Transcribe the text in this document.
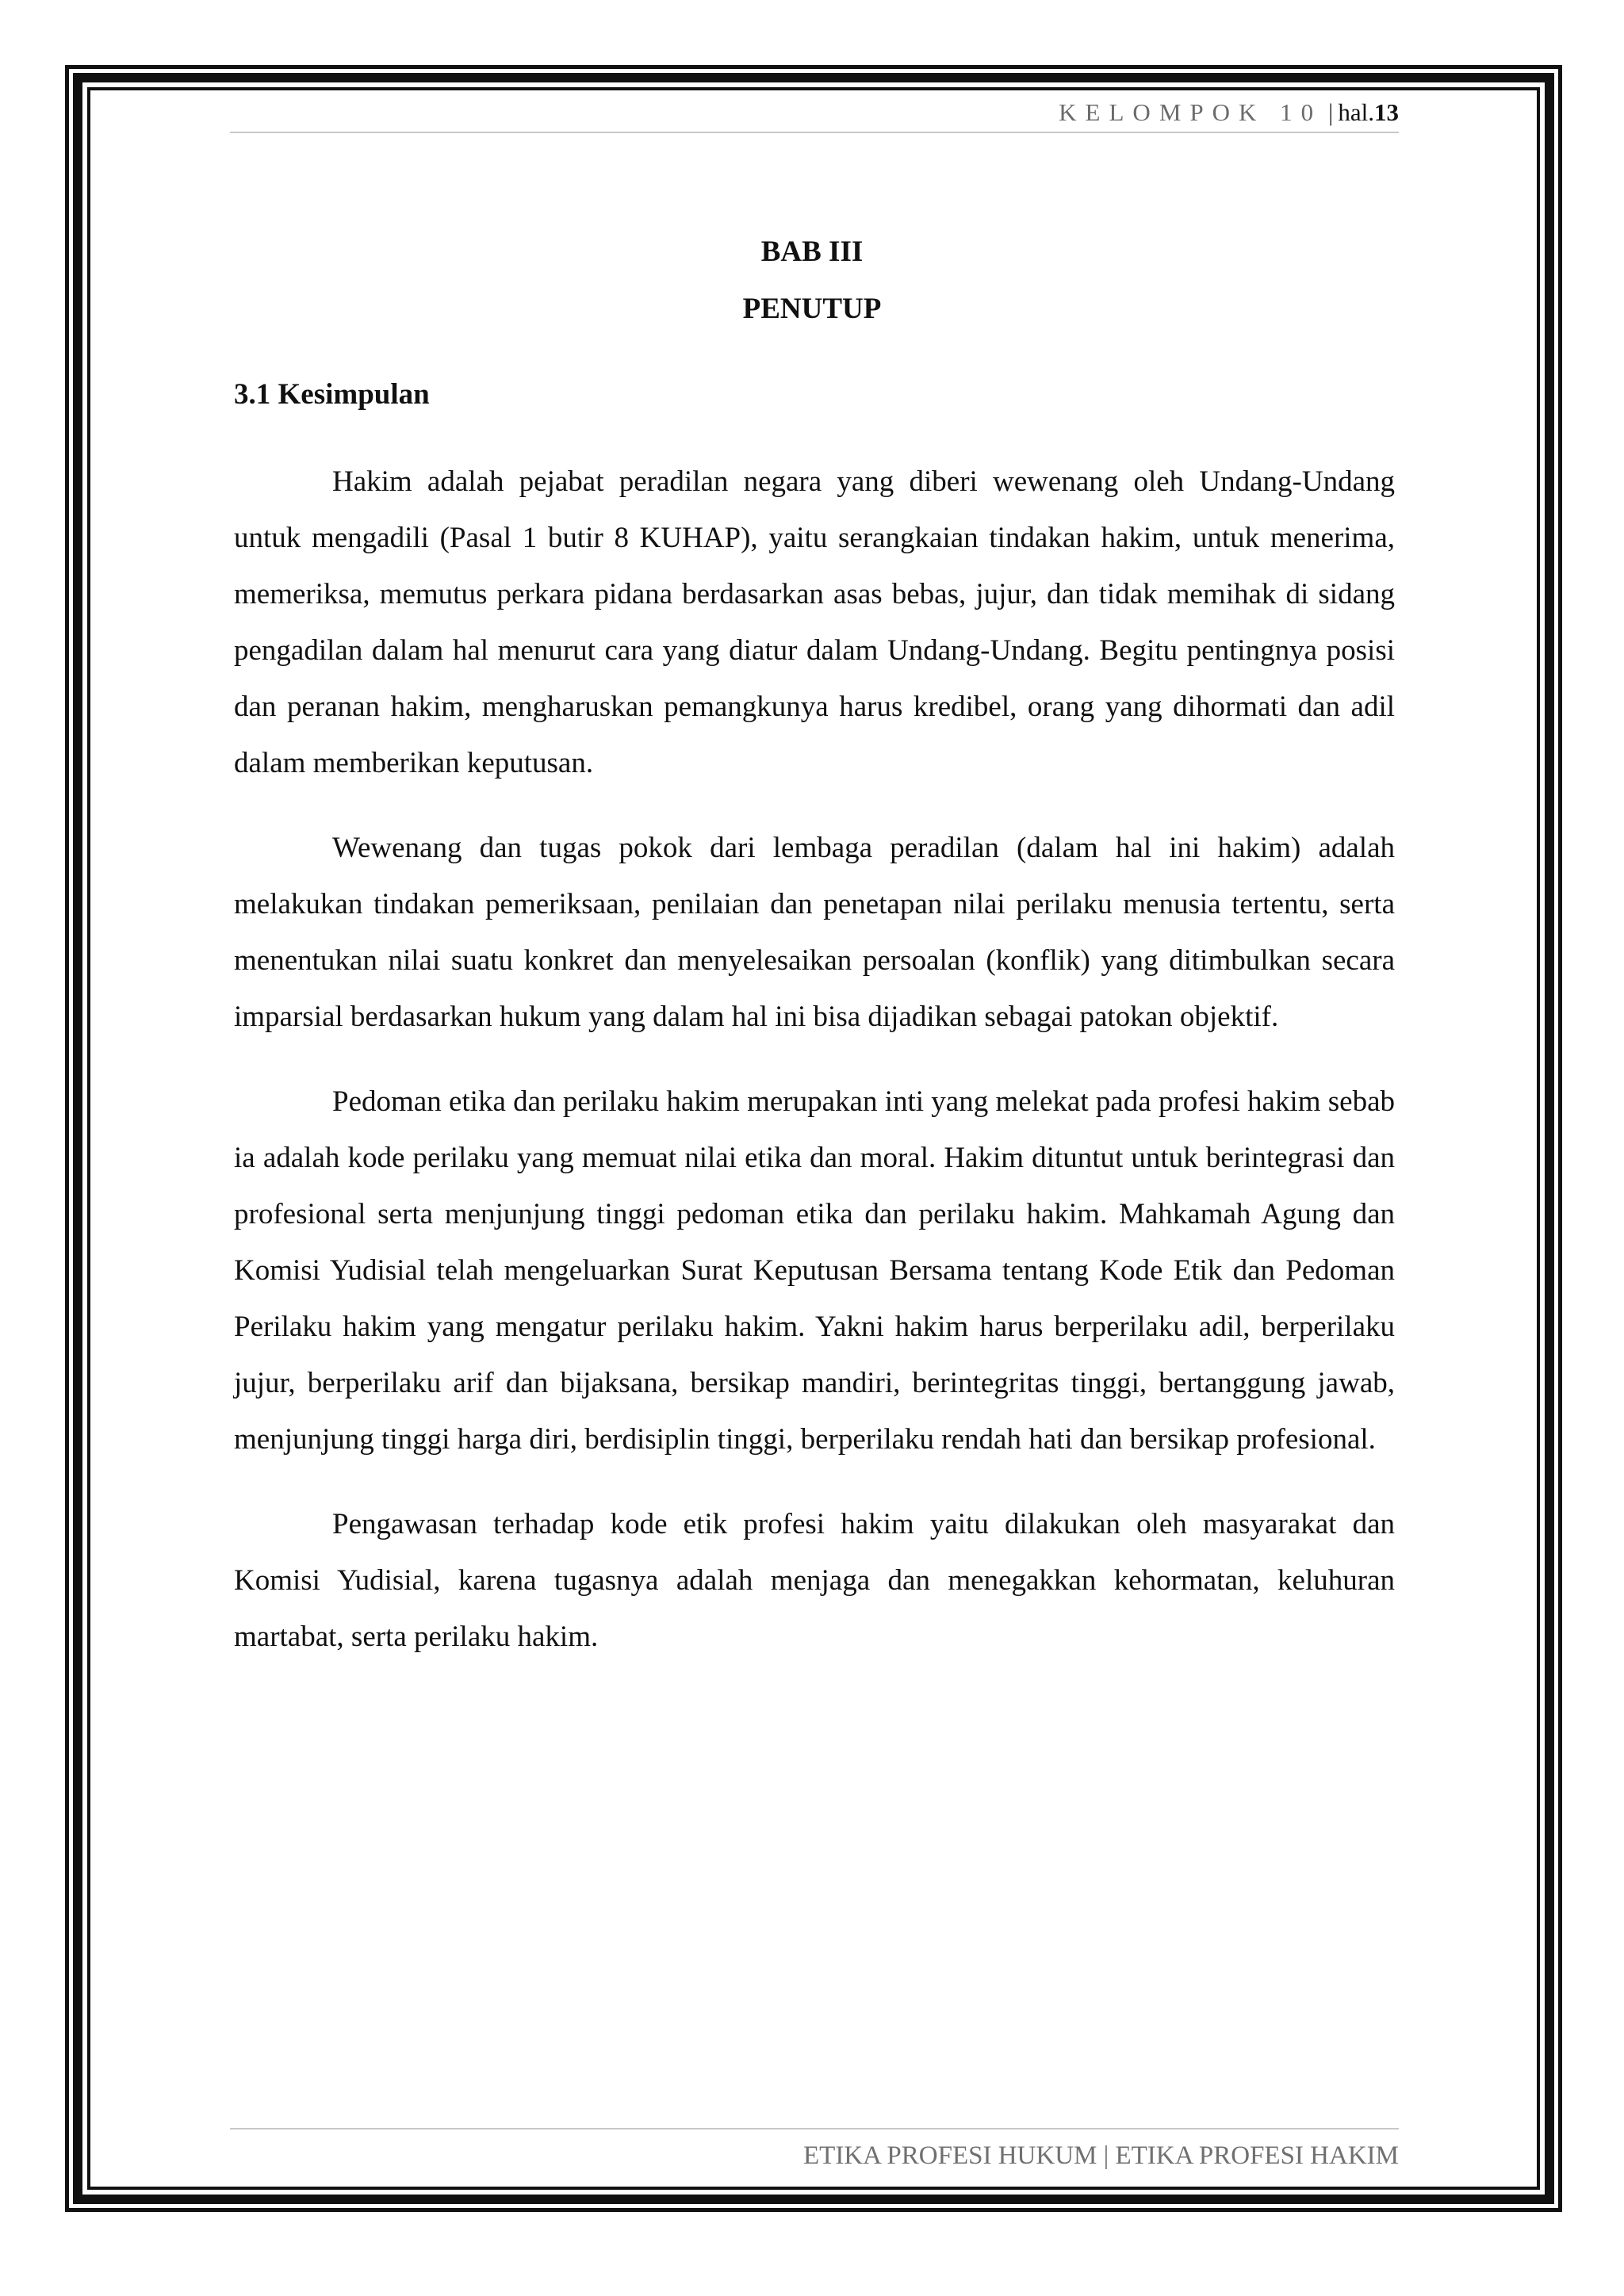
KELOMPOK 10 | hal.13
BAB III
PENUTUP
3.1 Kesimpulan

Hakim adalah pejabat peradilan negara yang diberi wewenang oleh Undang-Undang untuk mengadili (Pasal 1 butir 8 KUHAP), yaitu serangkaian tindakan hakim, untuk menerima, memeriksa, memutus perkara pidana berdasarkan asas bebas, jujur, dan tidak memihak di sidang pengadilan dalam hal menurut cara yang diatur dalam Undang-Undang. Begitu pentingnya posisi dan peranan hakim, mengharuskan pemangkunya harus kredibel, orang yang dihormati dan adil dalam memberikan keputusan.

Wewenang dan tugas pokok dari lembaga peradilan (dalam hal ini hakim) adalah melakukan tindakan pemeriksaan, penilaian dan penetapan nilai perilaku menusia tertentu, serta menentukan nilai suatu konkret dan menyelesaikan persoalan (konflik) yang ditimbulkan secara imparsial berdasarkan hukum yang dalam hal ini bisa dijadikan sebagai patokan objektif.

Pedoman etika dan perilaku hakim merupakan inti yang melekat pada profesi hakim sebab ia adalah kode perilaku yang memuat nilai etika dan moral. Hakim dituntut untuk berintegrasi dan profesional serta menjunjung tinggi pedoman etika dan perilaku hakim. Mahkamah Agung dan Komisi Yudisial telah mengeluarkan Surat Keputusan Bersama tentang Kode Etik dan Pedoman Perilaku hakim yang mengatur perilaku hakim. Yakni hakim harus berperilaku adil, berperilaku jujur, berperilaku arif dan bijaksana, bersikap mandiri, berintegritas tinggi, bertanggung jawab, menjunjung tinggi harga diri, berdisiplin tinggi, berperilaku rendah hati dan bersikap profesional.

Pengawasan terhadap kode etik profesi hakim yaitu dilakukan oleh masyarakat dan Komisi Yudisial, karena tugasnya adalah menjaga dan menegakkan kehormatan, keluhuran martabat, serta perilaku hakim.

ETIKA PROFESI HUKUM | ETIKA PROFESI HAKIM
